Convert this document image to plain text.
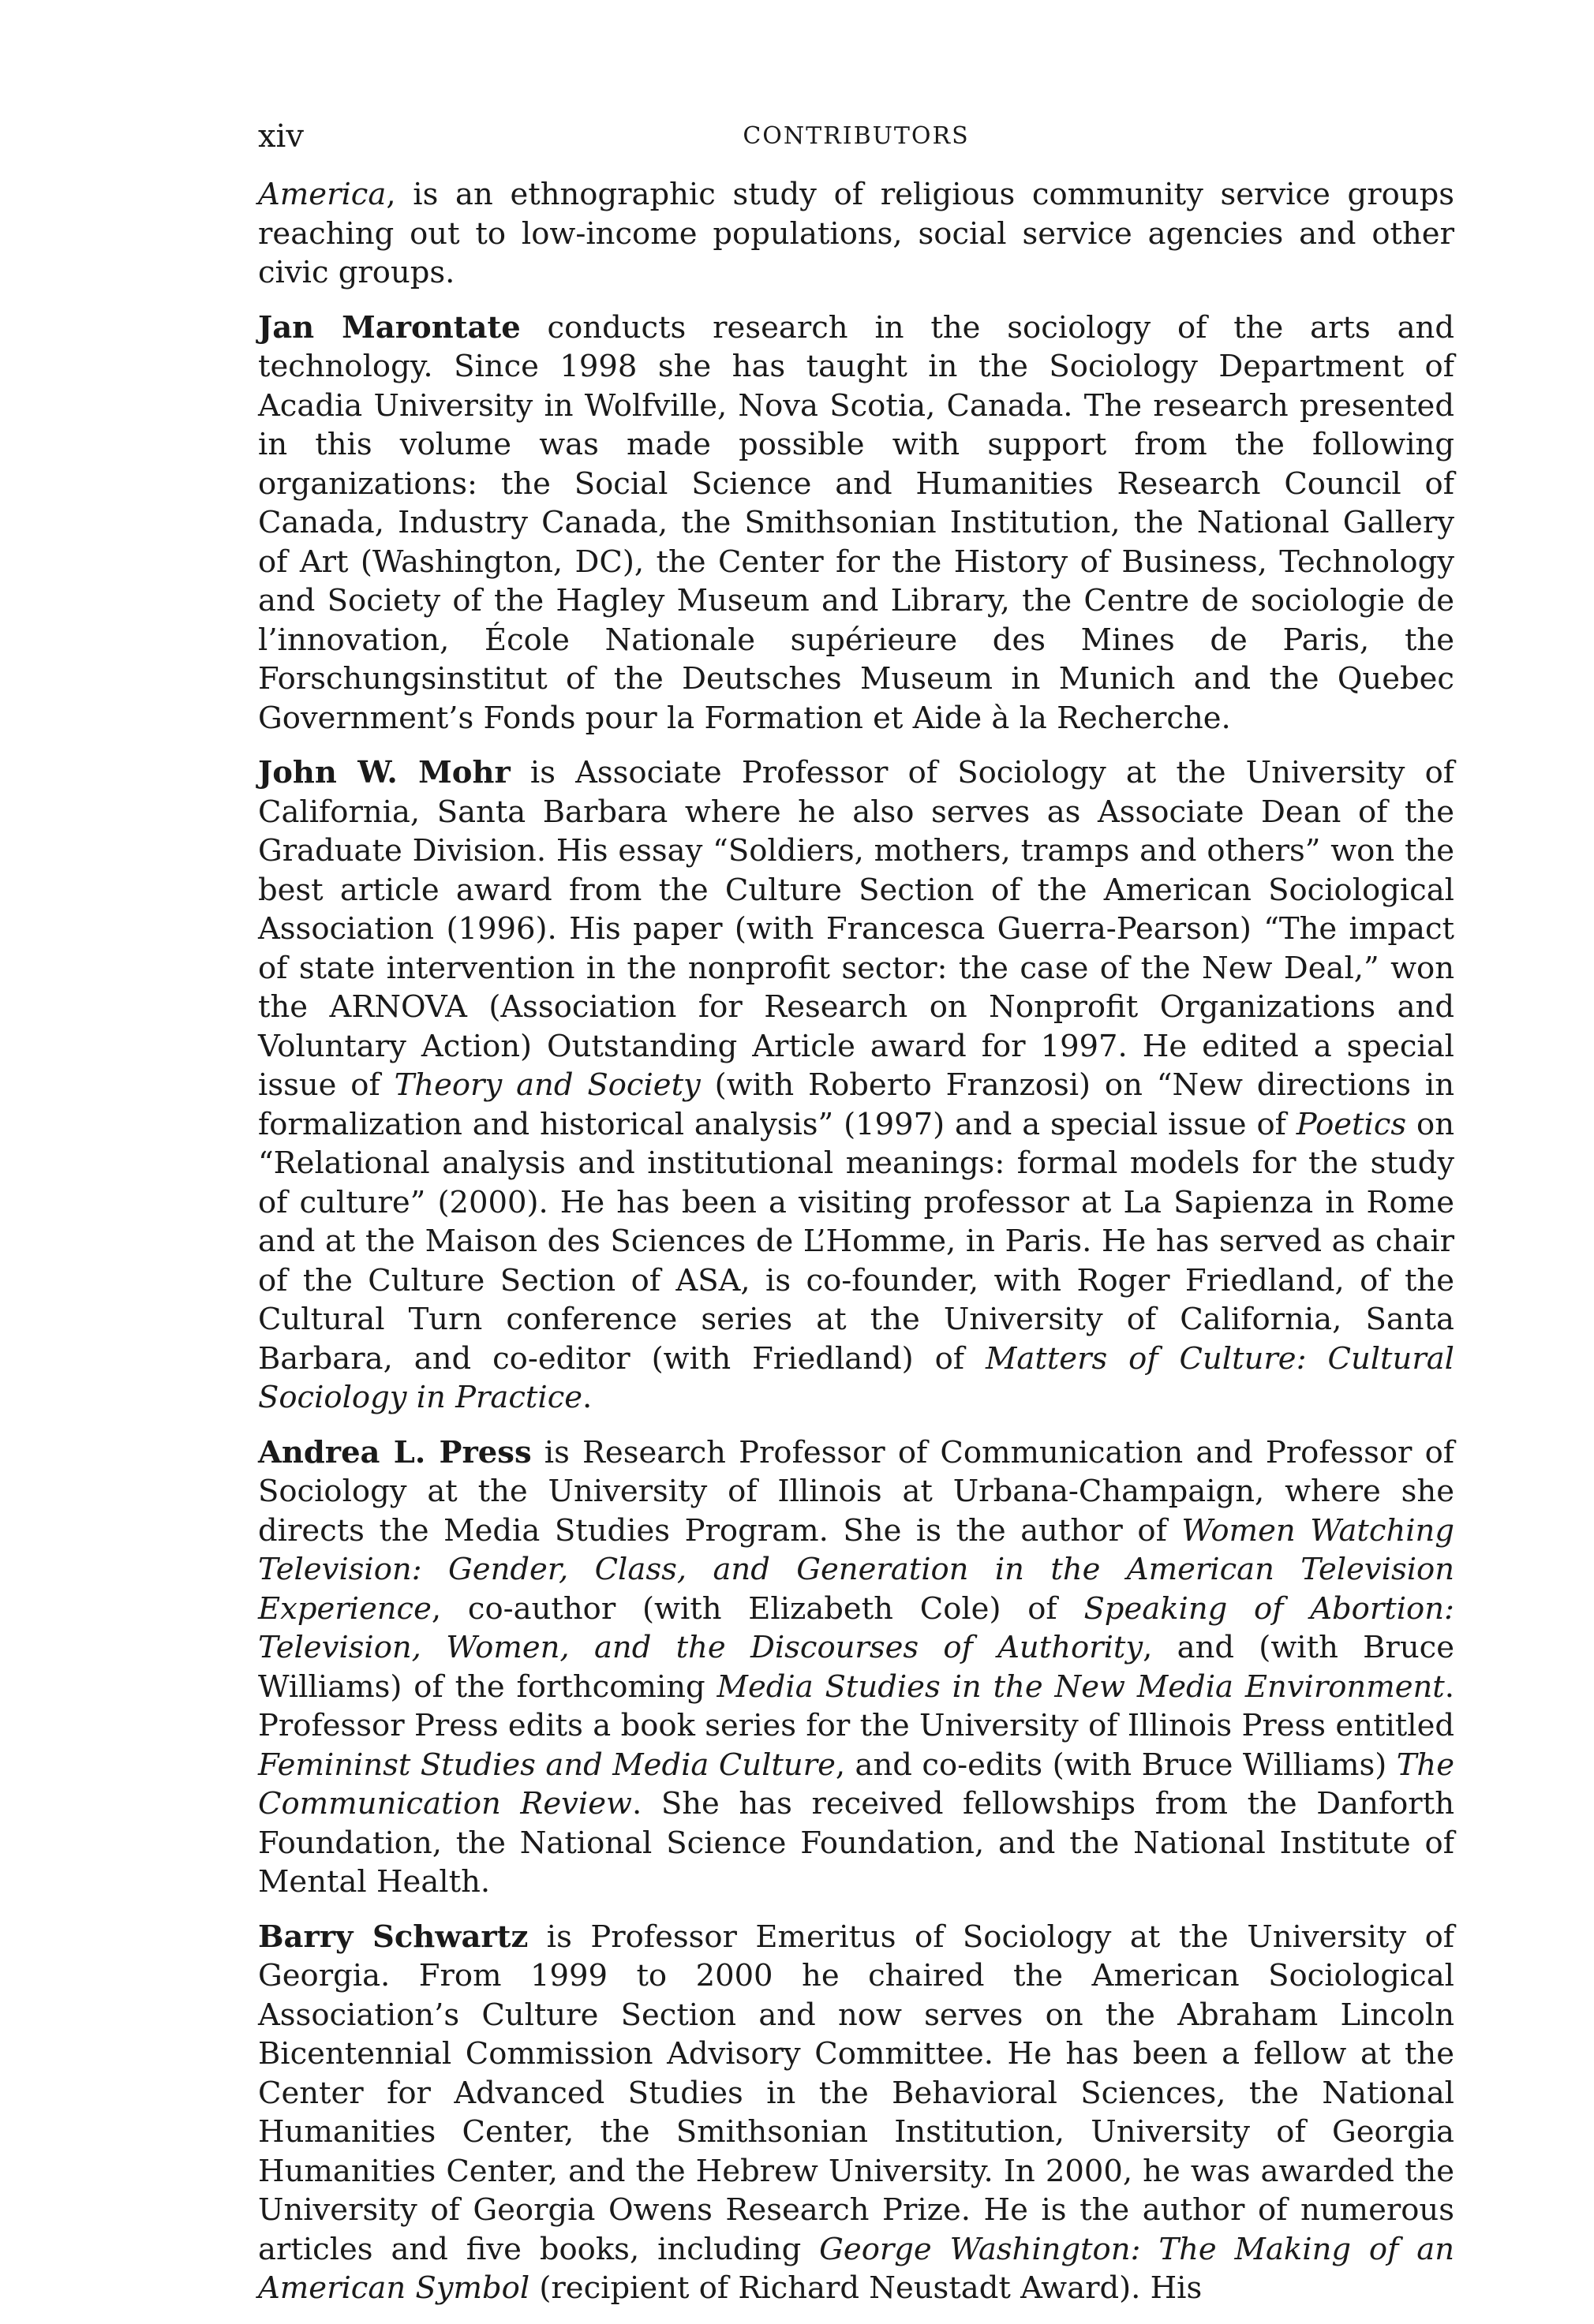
xiv	CONTRIBUTORS

America, is an ethnographic study of religious community service groups reaching out to low-income populations, social service agencies and other civic groups.

Jan Marontate conducts research in the sociology of the arts and technology. Since 1998 she has taught in the Sociology Department of Acadia University in Wolfville, Nova Scotia, Canada. The research presented in this volume was made possible with support from the following organizations: the Social Science and Humanities Research Council of Canada, Industry Canada, the Smithsonian Institution, the National Gallery of Art (Washington, DC), the Center for the History of Business, Technology and Society of the Hagley Museum and Library, the Centre de sociologie de l’innovation, École Nationale supérieure des Mines de Paris, the Forschungsinstitut of the Deutsches Museum in Munich and the Quebec Government’s Fonds pour la Formation et Aide à la Recherche.

John W. Mohr is Associate Professor of Sociology at the University of California, Santa Barbara where he also serves as Associate Dean of the Graduate Division. His essay “Soldiers, mothers, tramps and others” won the best article award from the Culture Section of the American Sociological Association (1996). His paper (with Francesca Guerra-Pearson) “The impact of state intervention in the nonprofit sector: the case of the New Deal,” won the ARNOVA (Association for Research on Nonprofit Organizations and Voluntary Action) Outstanding Article award for 1997. He edited a special issue of Theory and Society (with Roberto Franzosi) on “New directions in formalization and historical analysis” (1997) and a special issue of Poetics on “Relational analysis and institutional meanings: formal models for the study of culture” (2000). He has been a visiting professor at La Sapienza in Rome and at the Maison des Sciences de L’Homme, in Paris. He has served as chair of the Culture Section of ASA, is co-founder, with Roger Friedland, of the Cultural Turn conference series at the University of California, Santa Barbara, and co-editor (with Friedland) of Matters of Culture: Cultural Sociology in Practice.

Andrea L. Press is Research Professor of Communication and Professor of Sociology at the University of Illinois at Urbana-Champaign, where she directs the Media Studies Program. She is the author of Women Watching Television: Gender, Class, and Generation in the American Television Experience, co-author (with Elizabeth Cole) of Speaking of Abortion: Television, Women, and the Discourses of Authority, and (with Bruce Williams) of the forthcoming Media Studies in the New Media Environment. Professor Press edits a book series for the University of Illinois Press entitled Femininst Studies and Media Culture, and co-edits (with Bruce Williams) The Communication Review. She has received fellowships from the Danforth Foundation, the National Science Foundation, and the National Institute of Mental Health.

Barry Schwartz is Professor Emeritus of Sociology at the University of Georgia. From 1999 to 2000 he chaired the American Sociological Association’s Culture Section and now serves on the Abraham Lincoln Bicentennial Commission Advisory Committee. He has been a fellow at the Center for Advanced Studies in the Behavioral Sciences, the National Humanities Center, the Smithsonian Institution, University of Georgia Humanities Center, and the Hebrew University. In 2000, he was awarded the University of Georgia Owens Research Prize. He is the author of numerous articles and five books, including George Washington: The Making of an American Symbol (recipient of Richard Neustadt Award). His
